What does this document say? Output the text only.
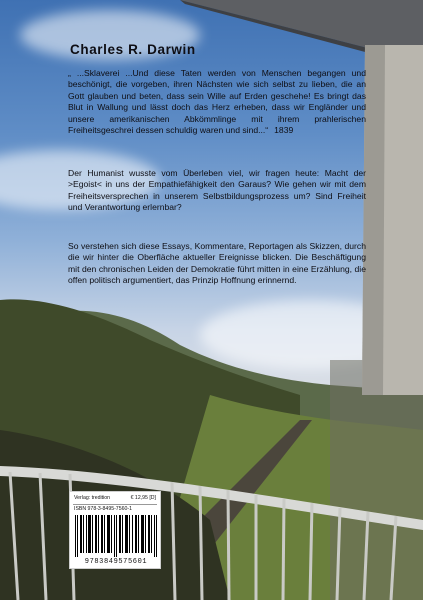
Charles R. Darwin
„ ...Sklaverei ...Und diese Taten werden von Menschen begangen und beschönigt, die vorgeben, ihren Nächsten wie sich selbst zu lieben, die an Gott glauben und beten, dass sein Wille auf Erden geschehe! Es bringt das Blut in Wallung und lässt doch das Herz erheben, dass wir Engländer und unsere amerikanischen Abkömmlinge mit ihrem prahlerischen Freiheitsgeschrei dessen schuldig waren und sind...“ 1839
Der Humanist wusste vom Überleben viel, wir fragen heute: Macht der >Egoist< in uns der Empathiefähigkeit den Garaus? Wie gehen wir mit dem Freiheitsversprechen in unserem Selbstbildungsprozess um? Sind Freiheit und Verantwortung erlernbar?
So verstehen sich diese Essays, Kommentare, Reportagen als Skizzen, durch die wir hinter die Oberfläche aktueller Ereignisse blicken. Die Beschäftigung mit den chronischen Leiden der Demokratie führt mitten in eine Erzählung, die offen politisch argumentiert, das Prinzip Hoffnung erinnernd.
Verlag: tredition	€ 12,95 [D]
ISBN 978-3-8495-7560-1
9783849575601
